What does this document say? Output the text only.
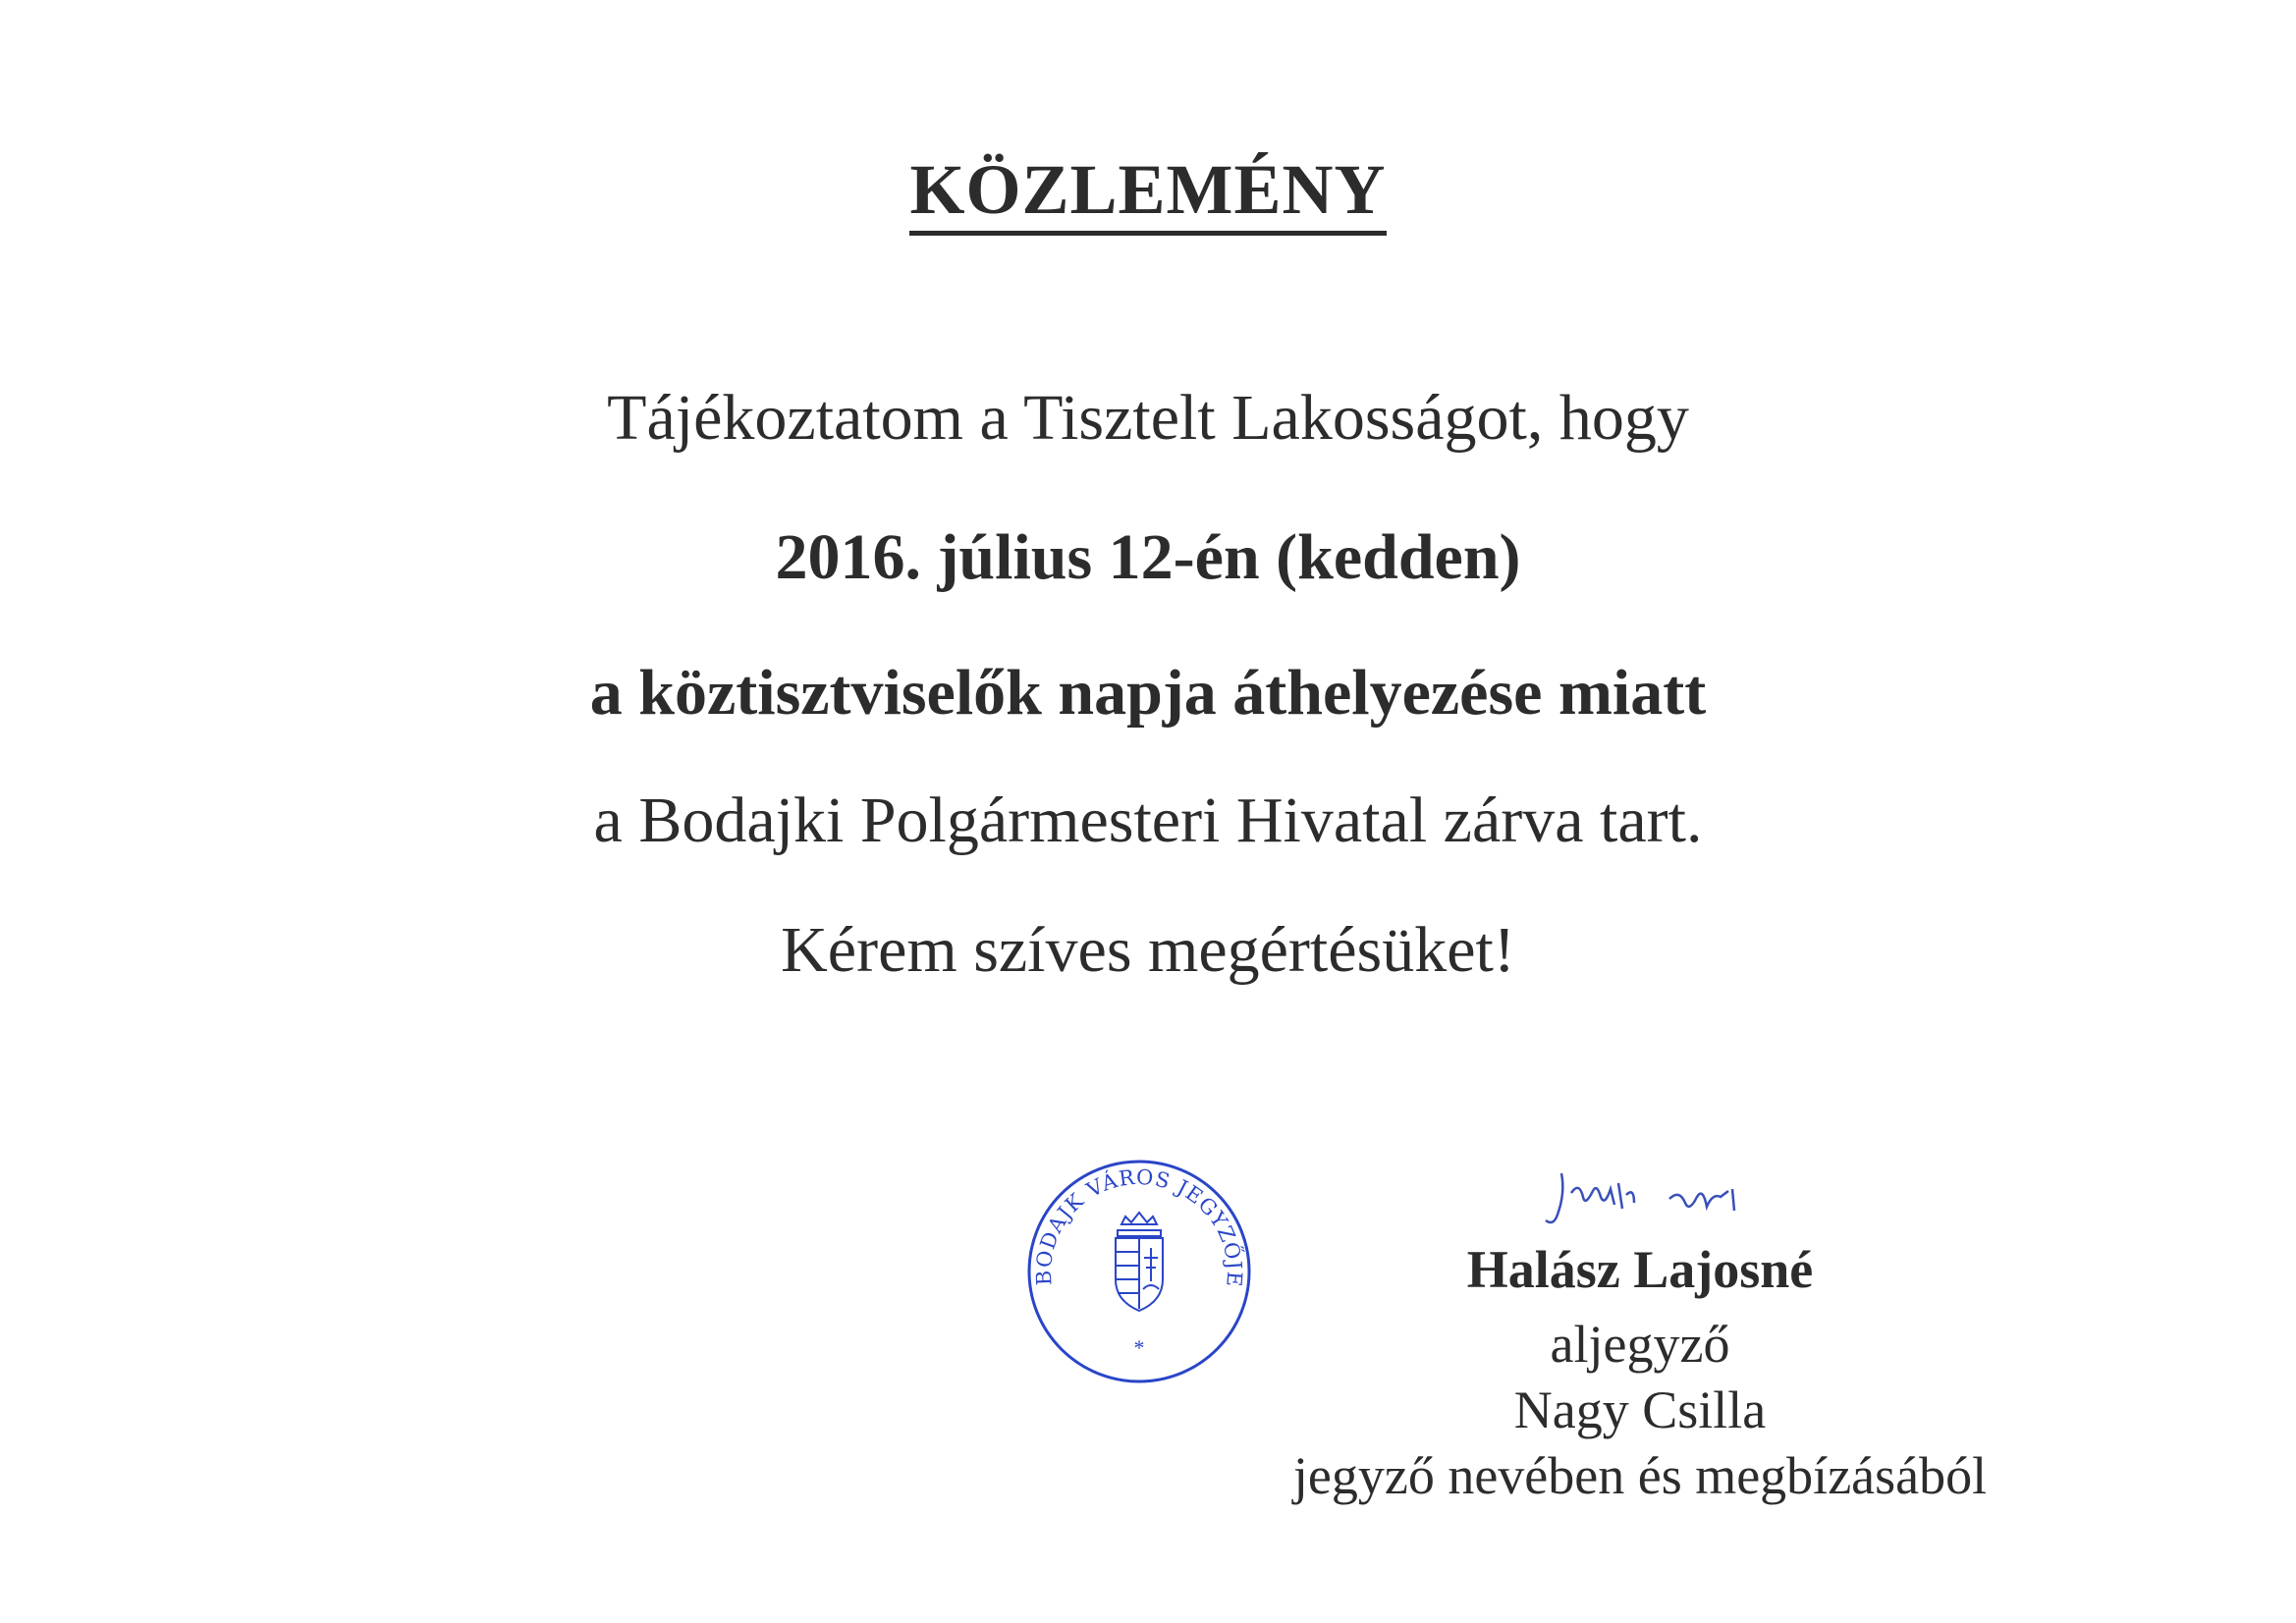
KÖZLEMÉNY
Tájékoztatom a Tisztelt Lakosságot, hogy
2016. július 12-én (kedden)
a köztisztviselők napja áthelyezése miatt
a Bodajki Polgármesteri Hivatal zárva tart.
Kérem szíves megértésüket!
BODAJK VÁROS JEGYZŐJE
*
Halász Lajosné
aljegyző
Nagy Csilla
jegyző nevében és megbízásából
